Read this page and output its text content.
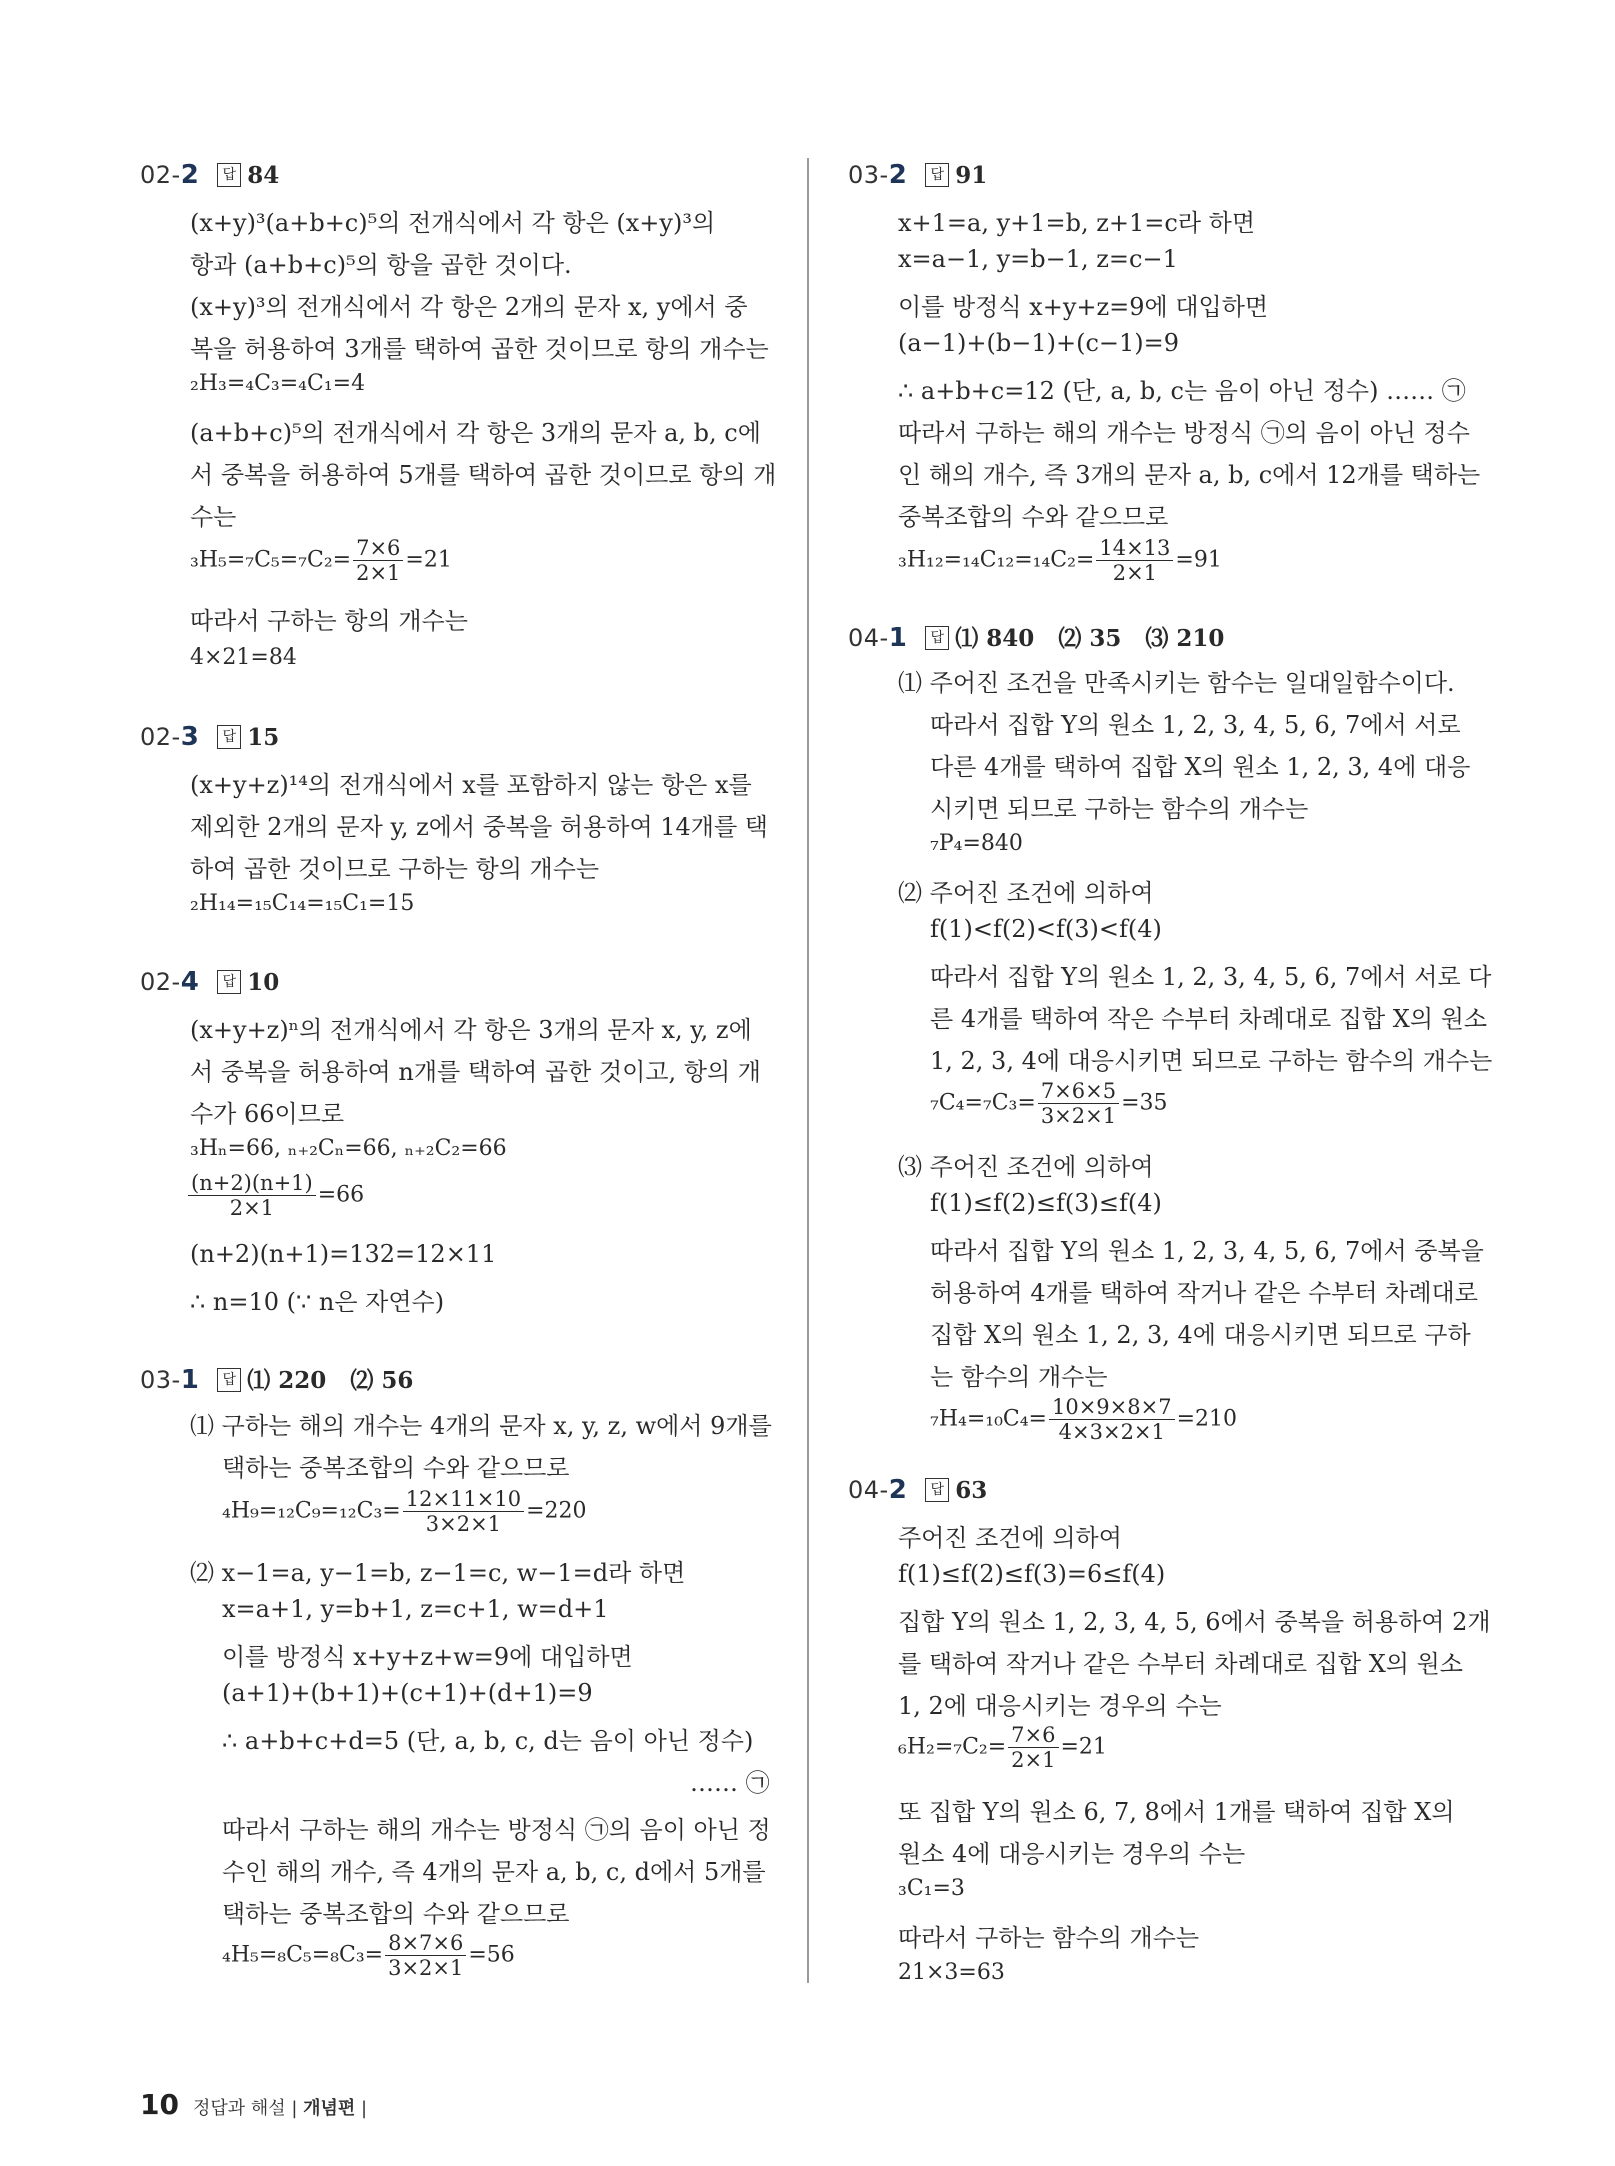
02-2 답 84
(x+y)³(a+b+c)⁵의 전개식에서 각 항은 (x+y)³의
항과 (a+b+c)⁵의 항을 곱한 것이다.
(x+y)³의 전개식에서 각 항은 2개의 문자 x, y에서 중
복을 허용하여 3개를 택하여 곱한 것이므로 항의 개수는
₂H₃=₄C₃=₄C₁=4
(a+b+c)⁵의 전개식에서 각 항은 3개의 문자 a, b, c에
서 중복을 허용하여 5개를 택하여 곱한 것이므로 항의 개
수는
$_3H_5=_7C_5=_7C_2= \frac{7\times 6}{2\times 1} =21$
따라서 구하는 항의 개수는
4×21=84
02-3 답 15
(x+y+z)¹⁴의 전개식에서 x를 포함하지 않는 항은 x를
제외한 2개의 문자 y, z에서 중복을 허용하여 14개를 택
하여 곱한 것이므로 구하는 항의 개수는
₂H₁₄=₁₅C₁₄=₁₅C₁=15
02-4 답 10
(x+y+z)ⁿ의 전개식에서 각 항은 3개의 문자 x, y, z에
서 중복을 허용하여 n개를 택하여 곱한 것이고, 항의 개
수가 66이므로
₃Hₙ=66, ₙ₊₂Cₙ=66, ₙ₊₂C₂=66
$\frac{(n+2)(n+1)}{2\times 1} =66$
(n+2)(n+1)=132=12×11
∴ n=10 (∵ n은 자연수)
03-1 답 ⑴ 220   ⑵ 56
⑴ 구하는 해의 개수는 4개의 문자 x, y, z, w에서 9개를
택하는 중복조합의 수와 같으므로
$_4H_9=_{12}C_9=_{12}C_3= \frac{12\times 11\times 10}{3\times 2\times 1} =220$
⑵ x−1=a, y−1=b, z−1=c, w−1=d라 하면
x=a+1, y=b+1, z=c+1, w=d+1
이를 방정식 x+y+z+w=9에 대입하면
(a+1)+(b+1)+(c+1)+(d+1)=9
∴ a+b+c+d=5 (단, a, b, c, d는 음이 아닌 정수)
…… ㉠
따라서 구하는 해의 개수는 방정식 ㉠의 음이 아닌 정
수인 해의 개수, 즉 4개의 문자 a, b, c, d에서 5개를
택하는 중복조합의 수와 같으므로
$_4H_5=_8C_5=_8C_3= \frac{8\times 7\times 6}{3\times 2\times 1} =56$
03-2 답 91
x+1=a, y+1=b, z+1=c라 하면
x=a−1, y=b−1, z=c−1
이를 방정식 x+y+z=9에 대입하면
(a−1)+(b−1)+(c−1)=9
∴ a+b+c=12 (단, a, b, c는 음이 아닌 정수) …… ㉠
따라서 구하는 해의 개수는 방정식 ㉠의 음이 아닌 정수
인 해의 개수, 즉 3개의 문자 a, b, c에서 12개를 택하는
중복조합의 수와 같으므로
$_3H_{12}=_{14}C_{12}=_{14}C_2= \frac{14\times 13}{2\times 1} =91$
04-1 답 ⑴ 840   ⑵ 35   ⑶ 210
⑴ 주어진 조건을 만족시키는 함수는 일대일함수이다.
따라서 집합 Y의 원소 1, 2, 3, 4, 5, 6, 7에서 서로
다른 4개를 택하여 집합 X의 원소 1, 2, 3, 4에 대응
시키면 되므로 구하는 함수의 개수는
₇P₄=840
⑵ 주어진 조건에 의하여
f(1)<f(2)<f(3)<f(4)
따라서 집합 Y의 원소 1, 2, 3, 4, 5, 6, 7에서 서로 다
른 4개를 택하여 작은 수부터 차례대로 집합 X의 원소
1, 2, 3, 4에 대응시키면 되므로 구하는 함수의 개수는
$_7C_4=_7C_3= \frac{7\times 6\times 5}{3\times 2\times 1} =35$
⑶ 주어진 조건에 의하여
f(1)≤f(2)≤f(3)≤f(4)
따라서 집합 Y의 원소 1, 2, 3, 4, 5, 6, 7에서 중복을
허용하여 4개를 택하여 작거나 같은 수부터 차례대로
집합 X의 원소 1, 2, 3, 4에 대응시키면 되므로 구하
는 함수의 개수는
$_7H_4=_{10}C_4= \frac{10\times 9\times 8\times 7}{4\times 3\times 2\times 1} =210$
04-2 답 63
주어진 조건에 의하여
f(1)≤f(2)≤f(3)=6≤f(4)
집합 Y의 원소 1, 2, 3, 4, 5, 6에서 중복을 허용하여 2개
를 택하여 작거나 같은 수부터 차례대로 집합 X의 원소
1, 2에 대응시키는 경우의 수는
$_6H_2=_7C_2= \frac{7\times 6}{2\times 1} =21$
또 집합 Y의 원소 6, 7, 8에서 1개를 택하여 집합 X의
원소 4에 대응시키는 경우의 수는
₃C₁=3
따라서 구하는 함수의 개수는
21×3=63
10 정답과 해설 | 개념편 |
